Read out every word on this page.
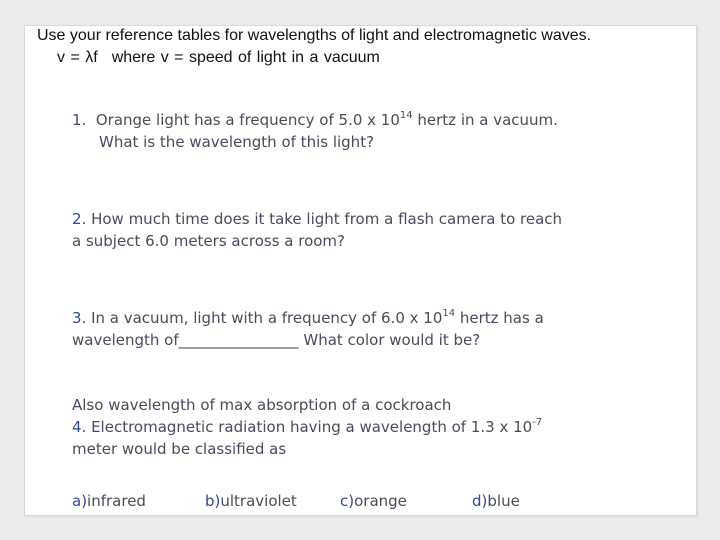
Use your reference tables for wavelengths of light and electromagnetic waves.
v = λf where v = speed of light in a vacuum
1. Orange light has a frequency of 5.0 x $10^{14}$ hertz in a vacuum.
What is the wavelength of this light?
2. How much time does it take light from a flash camera to reach
a subject 6.0 meters across a room?
3. In a vacuum, light with a frequency of 6.0 x $10^{14}$ hertz has a
wavelength of________________ What color would it be?
Also wavelength of max absorption of a cockroach
4. Electromagnetic radiation having a wavelength of 1.3 x $10^{-7}$
meter would be classified as
a)infrared	b)ultraviolet	c)orange	d)blue
